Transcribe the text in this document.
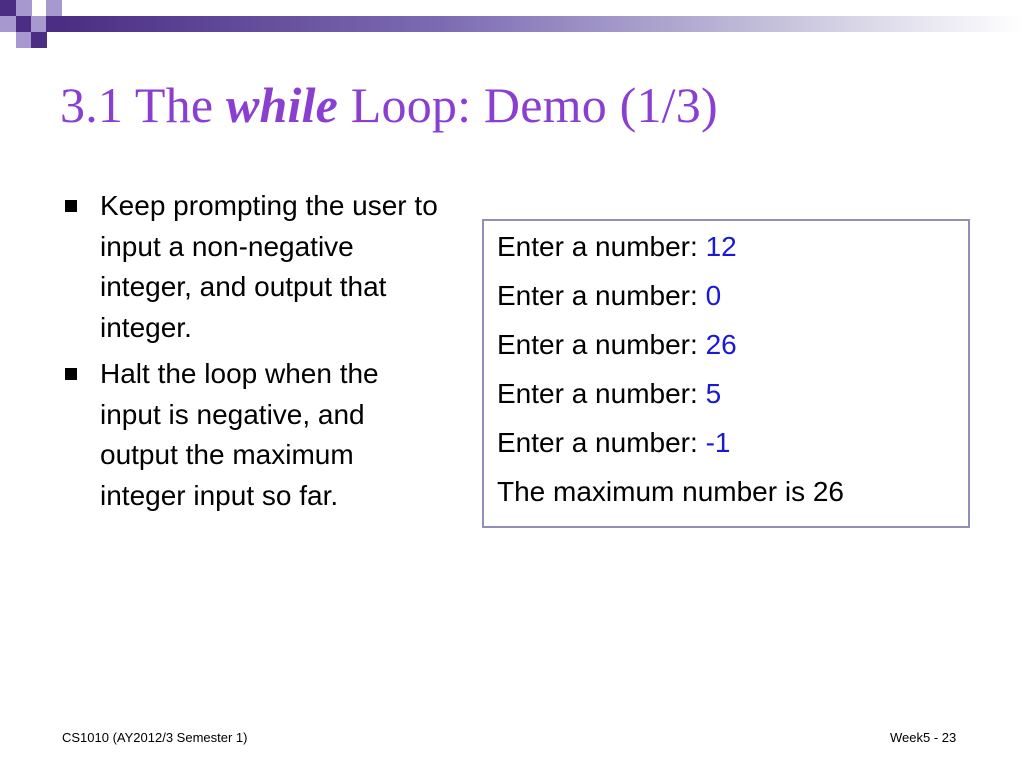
3.1 The while Loop: Demo (1/3)
Keep prompting the user to input a non-negative integer, and output that integer.
Halt the loop when the input is negative, and output the maximum integer input so far.
Enter a number: 12
Enter a number: 0
Enter a number: 26
Enter a number: 5
Enter a number: -1
The maximum number is 26
CS1010 (AY2012/3 Semester 1)	Week5 - 23
